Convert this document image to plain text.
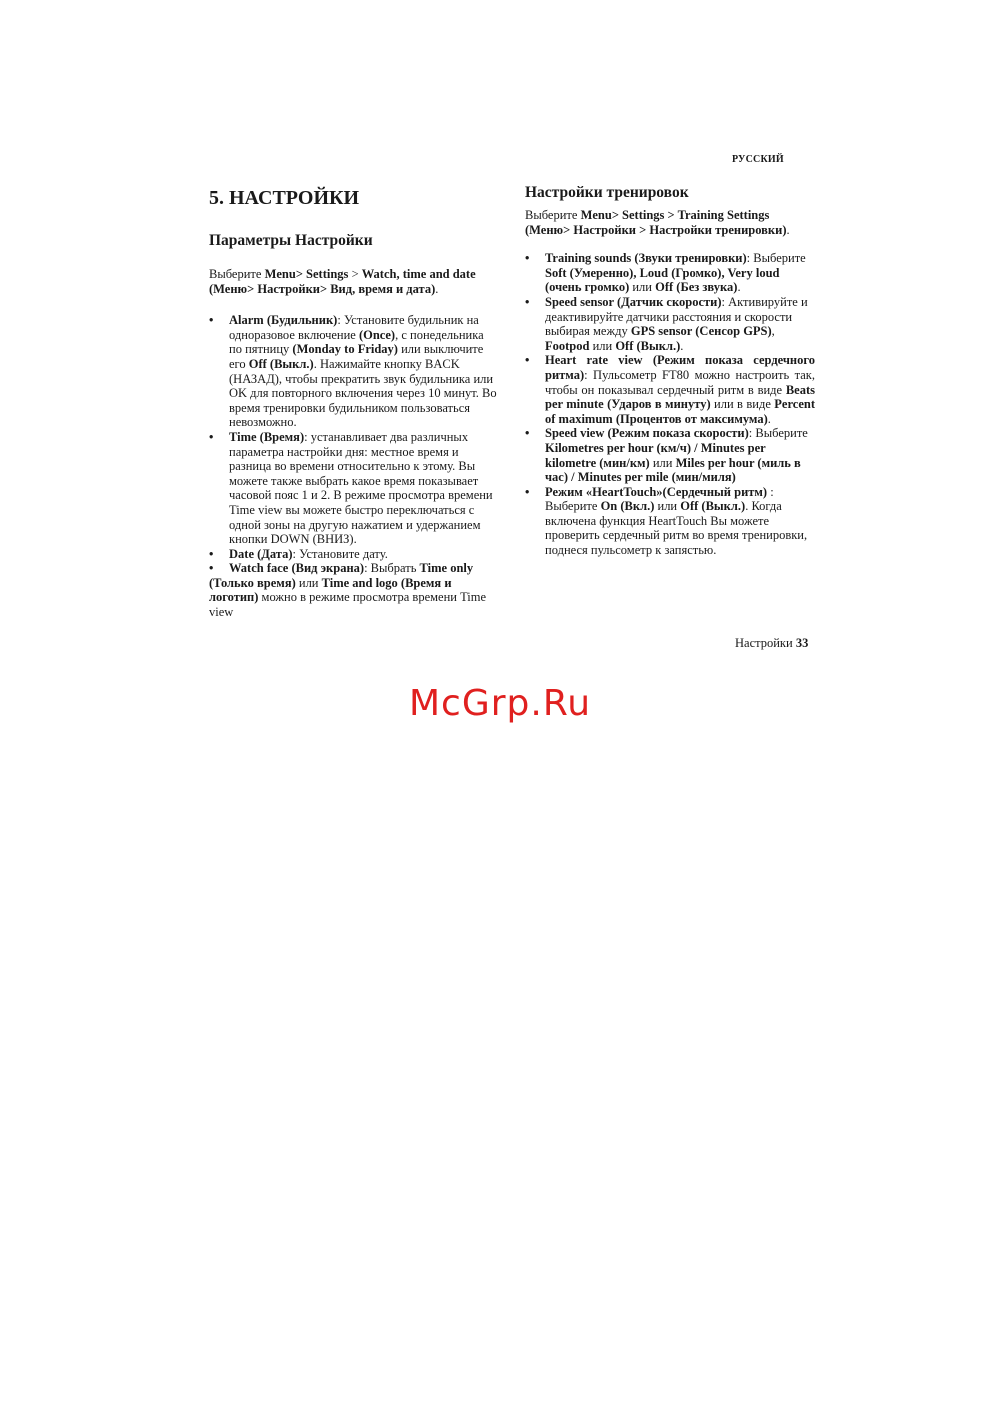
РУССКИЙ
5. НАСТРОЙКИ
Параметры Настройки

Выберите Menu> Settings > Watch, time and date (Меню> Настройки> Вид, время и дата).

• Alarm (Будильник): Установите будильник на одноразовое включение (Once), с понедельника по пятницу (Monday to Friday) или выключите его Off (Выкл.). Нажимайте кнопку BACK (НАЗАД), чтобы прекратить звук будильника или OK для повторного включения через 10 минут. Во время тренировки будильником пользоваться невозможно.
• Time (Время): устанавливает два различных параметра настройки дня: местное время и разница во времени относительно к этому. Вы можете также выбрать какое время показывает часовой пояс 1 и 2. В режиме просмотра времени Time view вы можете быстро переключаться с одной зоны на другую нажатием и удержанием кнопки DOWN (ВНИЗ).
• Date (Дата): Установите дату.
• Watch face (Вид экрана): Выбрать Time only (Только время) или Time and logo (Время и логотип) можно в режиме просмотра времени Time view
Настройки тренировок

Выберите Menu> Settings > Training Settings (Меню> Настройки > Настройки тренировки).

• Training sounds (Звуки тренировки): Выберите Soft (Умеренно), Loud (Громко), Very loud (очень громко) или Off (Без звука).
• Speed sensor (Датчик скорости): Активируйте и деактивируйте датчики расстояния и скорости выбирая между GPS sensor (Сенсор GPS), Footpod или Off (Выкл.).
• Heart rate view (Режим показа сердечного ритма): Пульсометр FT80 можно настроить так, чтобы он показывал сердечный ритм в виде Beats per minute (Ударов в минуту) или в виде Percent of maximum (Процентов от максимума).
• Speed view (Режим показа скорости): Выберите Kilometres per hour (км/ч) / Minutes per kilometre (мин/км) или Miles per hour (миль в час) / Minutes per mile (мин/миля)
• Режим «HeartTouch»(Сердечный ритм) : Выберите On (Вкл.) или Off (Выкл.). Когда включена функция HeartTouch Вы можете проверить сердечный ритм во время тренировки, поднеся пульсометр к запястью.
Настройки 33
McGrp.Ru
